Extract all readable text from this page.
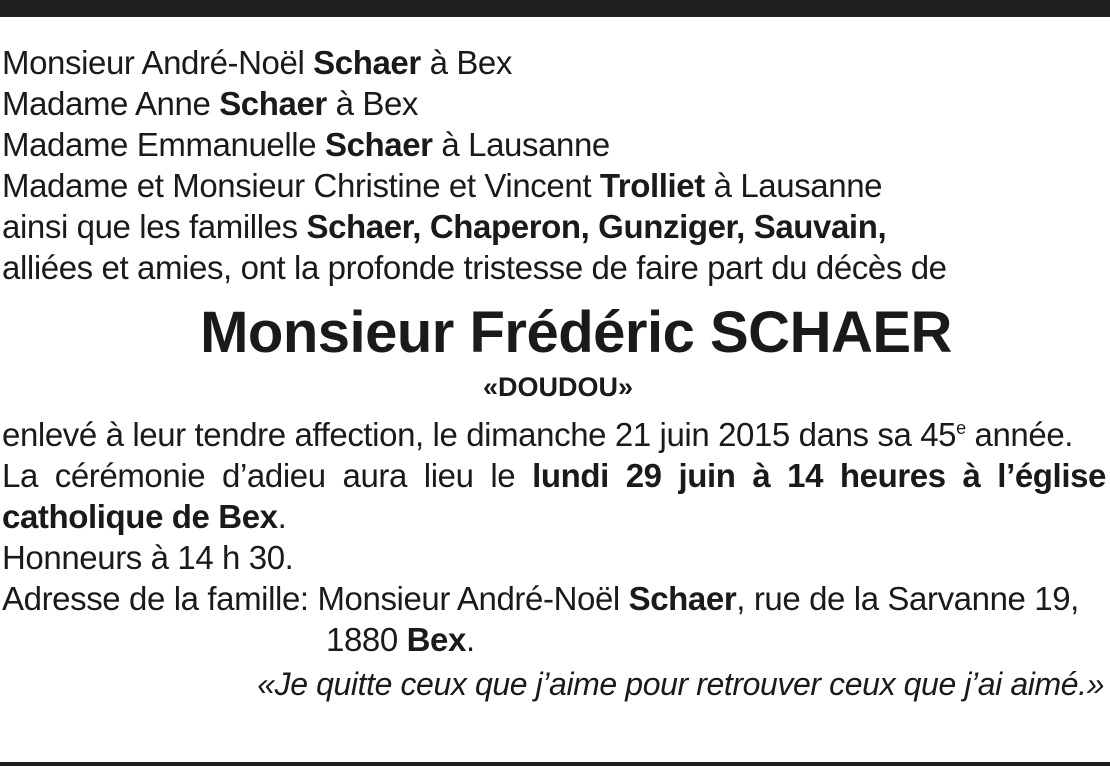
Monsieur André-Noël Schaer à Bex
Madame Anne Schaer à Bex
Madame Emmanuelle Schaer à Lausanne
Madame et Monsieur Christine et Vincent Trolliet à Lausanne
ainsi que les familles Schaer, Chaperon, Gunziger, Sauvain,
alliées et amies, ont la profonde tristesse de faire part du décès de
Monsieur Frédéric SCHAER
«DOUDOU»
enlevé à leur tendre affection, le dimanche 21 juin 2015 dans sa 45e année.
La cérémonie d’adieu aura lieu le lundi 29 juin à 14 heures à l’église
catholique de Bex.
Honneurs à 14 h 30.
Adresse de la famille: Monsieur André-Noël Schaer, rue de la Sarvanne 19,
1880 Bex.
«Je quitte ceux que j’aime pour retrouver ceux que j’ai aimé.»
